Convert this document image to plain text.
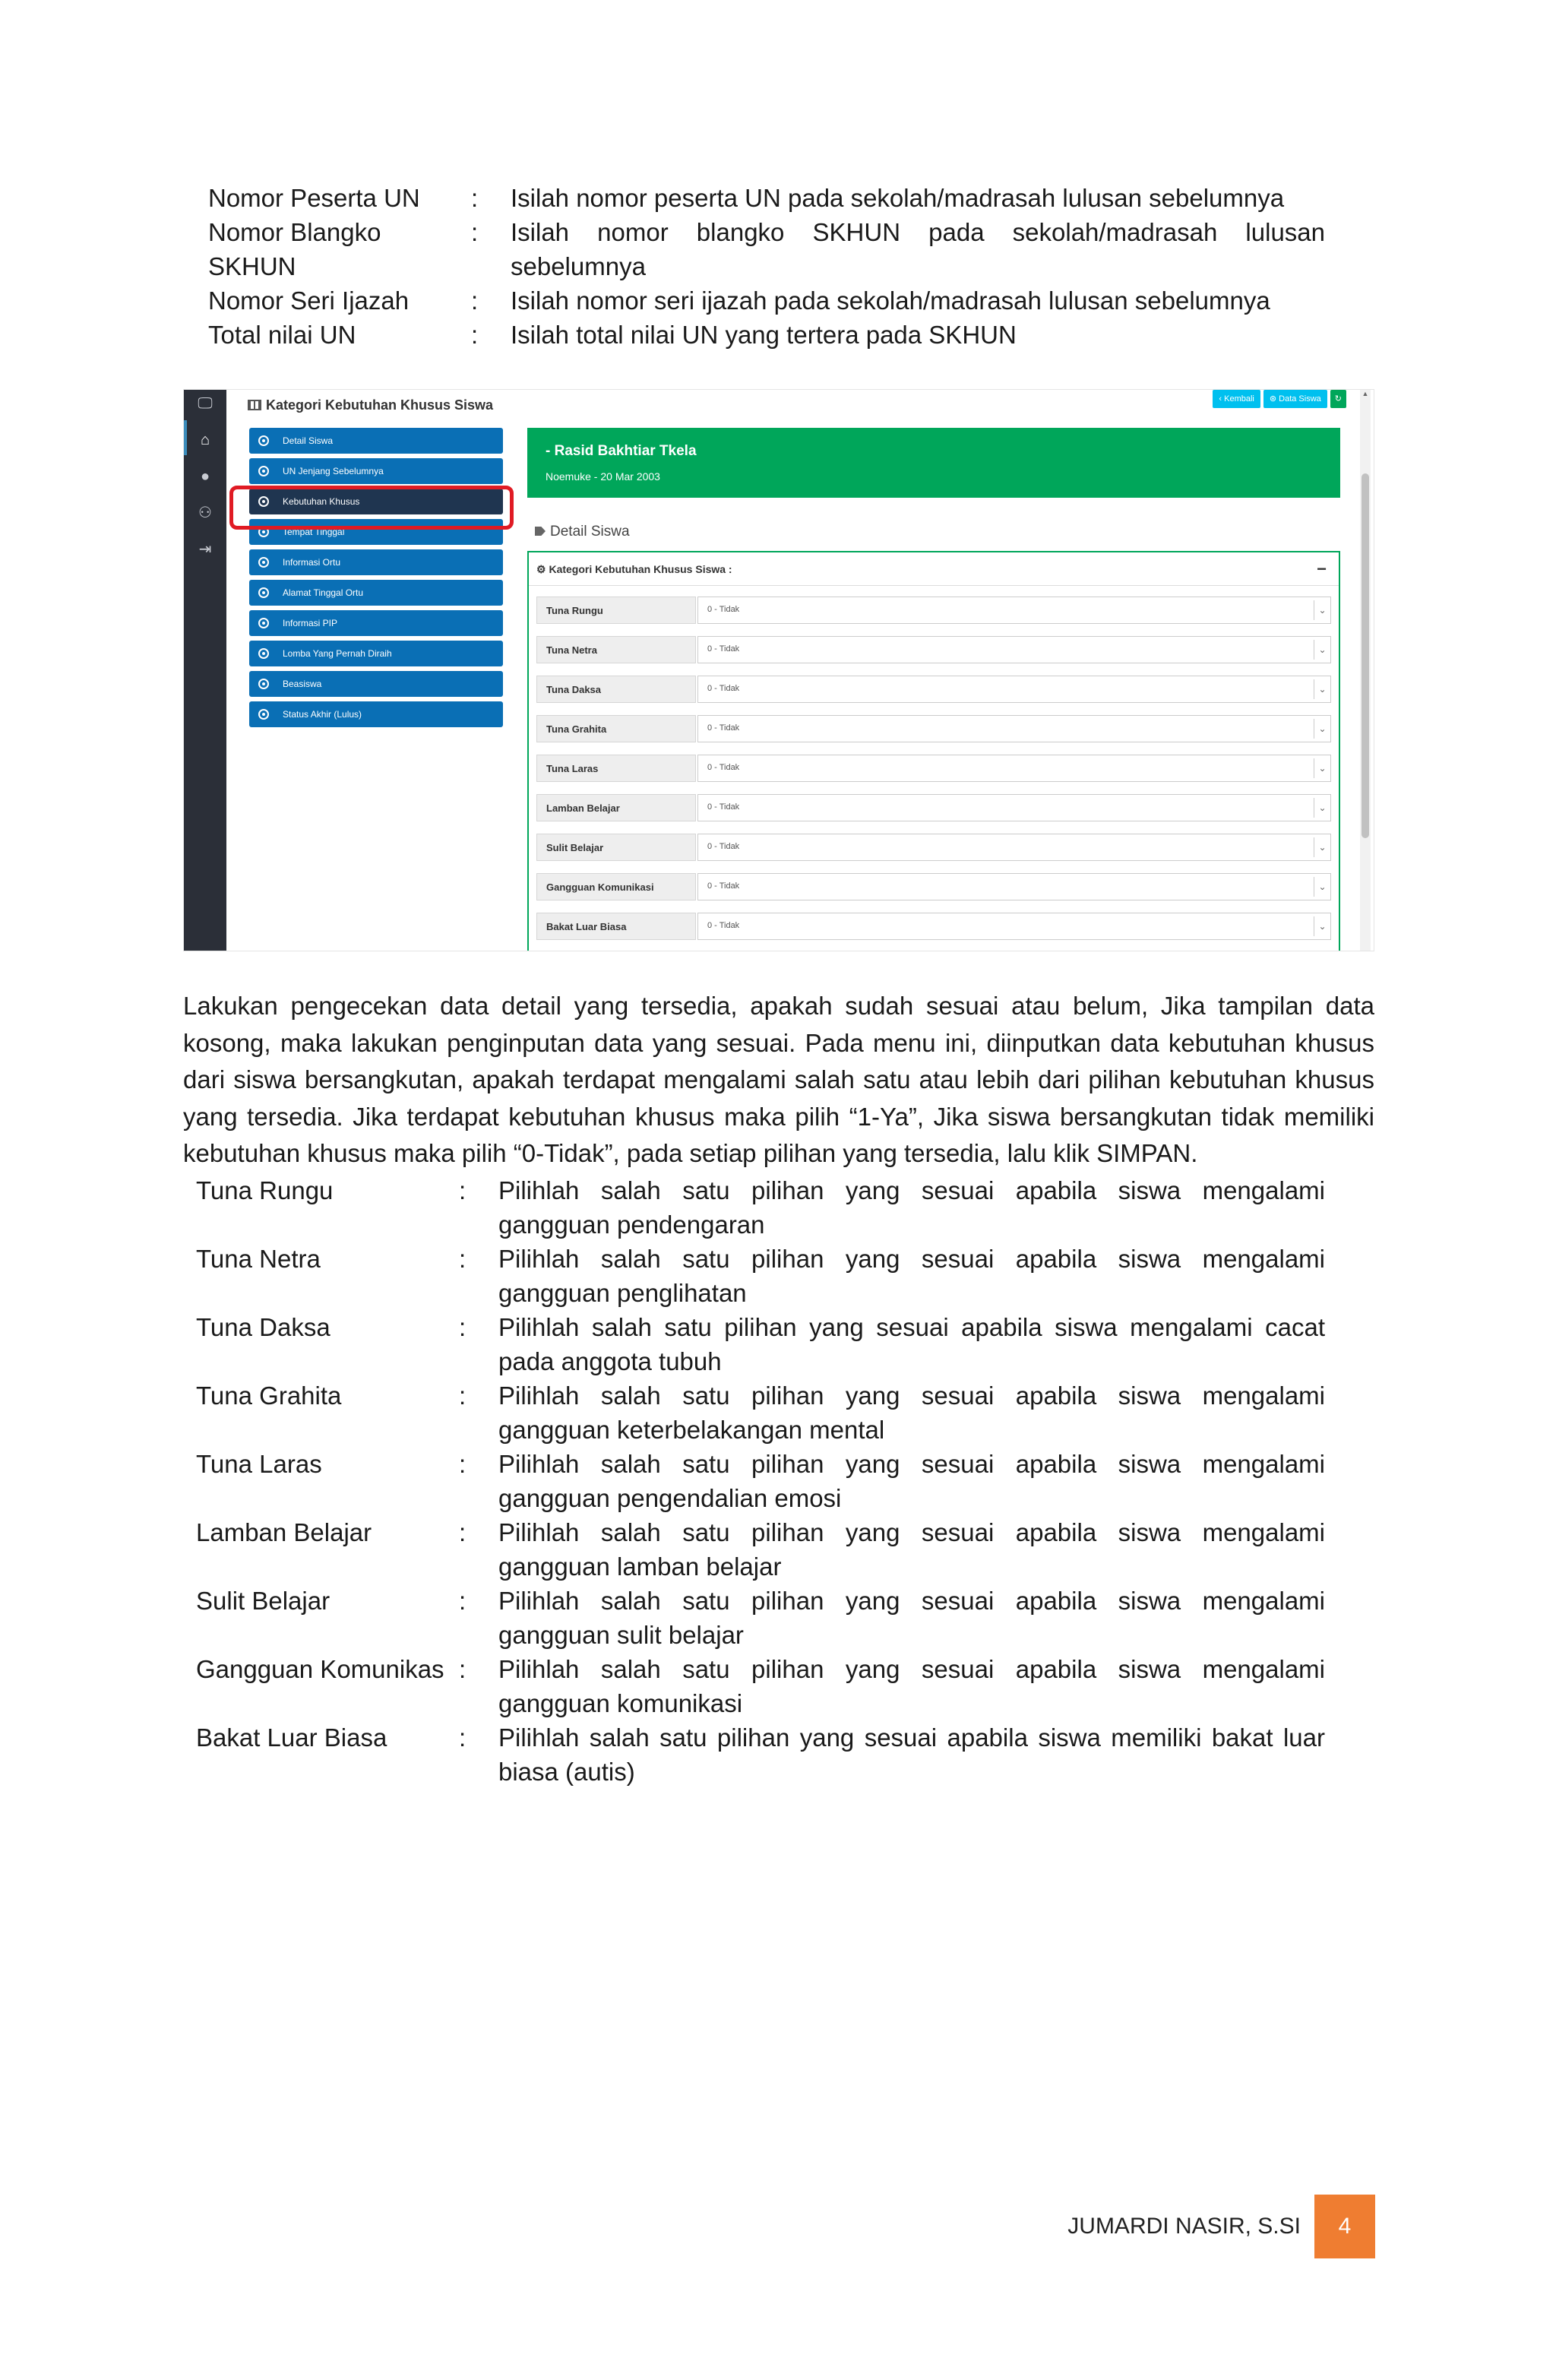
Nomor Peserta UN	:	Isilah nomor peserta UN pada sekolah/madrasah lulusan sebelumnya
Nomor Blangko SKHUN
:	Isilah nomor blangko SKHUN pada sekolah/madrasah lulusan sebelumnya
Nomor Seri Ijazah	:	Isilah nomor seri ijazah pada sekolah/madrasah lulusan sebelumnya
Total nilai UN	:	Isilah total nilai UN yang tertera pada SKHUN
🖵
⌂
●
⚇
⇥
Kategori Kebutuhan Khusus Siswa	‹ Kembali	⊛ Data Siswa	↻
Detail Siswa
UN Jenjang Sebelumnya
Kebutuhan Khusus
Tempat Tinggal
Informasi Ortu
Alamat Tinggal Ortu
Informasi PIP
Lomba Yang Pernah Diraih
Beasiswa
Status Akhir (Lulus)
- Rasid Bakhtiar Tkela
Noemuke - 20 Mar 2003
Detail Siswa
⚙ Kategori Kebutuhan Khusus Siswa :	−
Tuna Rungu	0 - Tidak	⌄
Tuna Netra	0 - Tidak	⌄
Tuna Daksa	0 - Tidak	⌄
Tuna Grahita	0 - Tidak	⌄
Tuna Laras	0 - Tidak	⌄
Lamban Belajar	0 - Tidak	⌄
Sulit Belajar	0 - Tidak	⌄
Gangguan Komunikasi	0 - Tidak	⌄
Bakat Luar Biasa	0 - Tidak	⌄
▲

Lakukan pengecekan data detail yang tersedia, apakah sudah sesuai atau belum, Jika tampilan data kosong, maka lakukan penginputan data yang sesuai. Pada menu ini, diinputkan data kebutuhan khusus dari siswa bersangkutan, apakah terdapat mengalami salah satu atau lebih dari pilihan kebutuhan khusus yang tersedia. Jika terdapat kebutuhan khusus maka pilih “1-Ya”, Jika siswa bersangkutan tidak memiliki kebutuhan khusus maka pilih “0-Tidak”, pada setiap pilihan yang tersedia, lalu klik SIMPAN.

Tuna Rungu	:	Pilihlah salah satu pilihan yang sesuai apabila siswa mengalami gangguan pendengaran
Tuna Netra	:	Pilihlah salah satu pilihan yang sesuai apabila siswa mengalami gangguan penglihatan
Tuna Daksa	:	Pilihlah salah satu pilihan yang sesuai apabila siswa mengalami cacat pada anggota tubuh
Tuna Grahita	:	Pilihlah salah satu pilihan yang sesuai apabila siswa mengalami gangguan keterbelakangan mental
Tuna Laras	:	Pilihlah salah satu pilihan yang sesuai apabila siswa mengalami gangguan pengendalian emosi
Lamban Belajar	:	Pilihlah salah satu pilihan yang sesuai apabila siswa mengalami gangguan lamban belajar
Sulit Belajar	:	Pilihlah salah satu pilihan yang sesuai apabila siswa mengalami gangguan sulit belajar
Gangguan Komunikas :	Pilihlah salah satu pilihan yang sesuai apabila siswa mengalami gangguan komunikasi
Bakat Luar Biasa	:	Pilihlah salah satu pilihan yang sesuai apabila siswa memiliki bakat luar biasa (autis)
JUMARDI NASIR, S.SI	4
